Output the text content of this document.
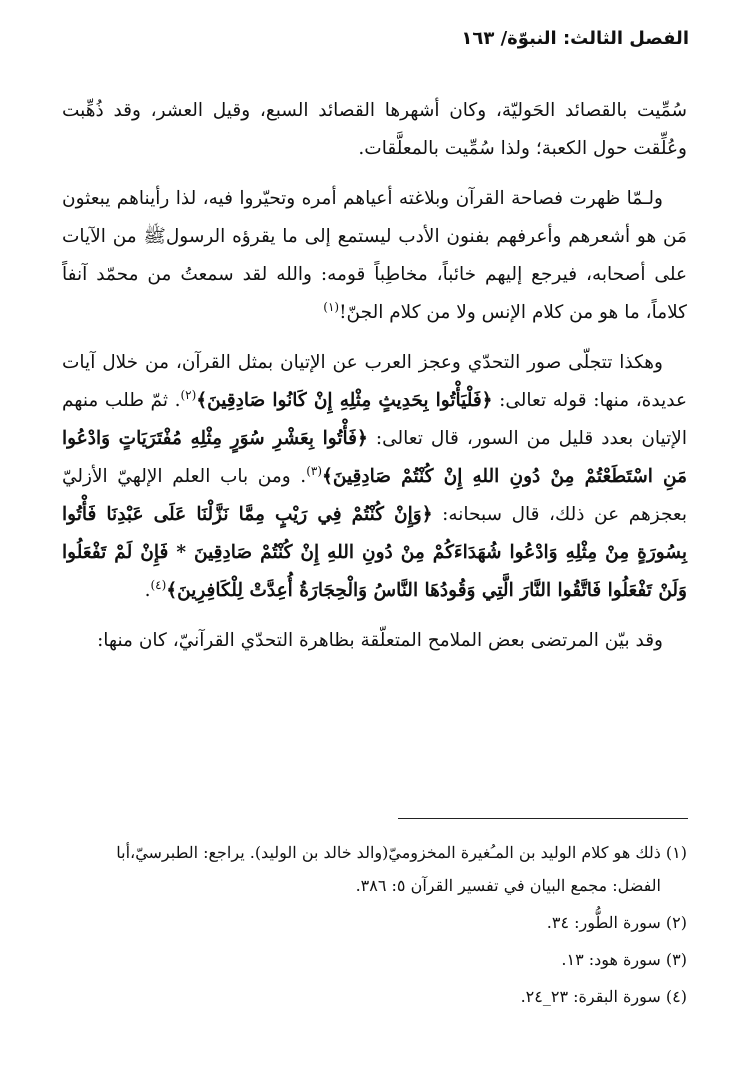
الفصل الثالث: النبوّة/ ١٦٣

سُمِّيت بالقصائد الحَوليّة، وكان أشهرها القصائد السبع، وقيل العشر، وقد ذُهِّبت وعُلِّقت حول الكعبة؛ ولذا سُمِّيت بالمعلَّقات.

ولـمّا ظهرت فصاحة القرآن وبلاغته أعياهم أمره وتحيّروا فيه، لذا رأيناهم يبعثون مَن هو أشعرهم وأعرفهم بفنون الأدب ليستمع إلى ما يقرؤه الرسول‏ﷺ من الآيات على أصحابه، فيرجع إليهم خائباً، مخاطِباً قومه: والله لقد سمعتُ من محمّد آنفاً كلاماً، ما هو من كلام الإنس ولا من كلام الجنّ!$^{(١)}$

وهكذا تتجلّى صور التحدّي وعجز العرب عن الإتيان بمثل القرآن، من خلال آيات عديدة، منها: قوله تعالى: ﴿فَلْيَأْتُوا بِحَدِيثٍ مِثْلِهِ إِنْ كَانُوا صَادِقِينَ﴾$^{(٢)}$. ثمّ طلب منهم الإتيان بعدد قليل من السور، قال تعالى: ﴿فَأْتُوا بِعَشْرِ سُوَرٍ مِثْلِهِ مُفْتَرَيَاتٍ وَادْعُوا مَنِ اسْتَطَعْتُمْ مِنْ دُونِ اللهِ إِنْ كُنْتُمْ صَادِقِينَ﴾$^{(٣)}$. ومن باب العلم الإلهيّ الأزليّ بعجزهم عن ذلك، قال سبحانه: ﴿وَإِنْ كُنْتُمْ فِي رَيْبٍ مِمَّا نَزَّلْنَا عَلَى عَبْدِنَا فَأْتُوا بِسُورَةٍ مِنْ مِثْلِهِ وَادْعُوا شُهَدَاءَكُمْ مِنْ دُونِ اللهِ إِنْ كُنْتُمْ صَادِقِينَ * فَإِنْ لَمْ تَفْعَلُوا وَلَنْ تَفْعَلُوا فَاتَّقُوا النَّارَ الَّتِي وَقُودُهَا النَّاسُ وَالْحِجَارَةُ أُعِدَّتْ لِلْكَافِرِينَ﴾$^{(٤)}$.

وقد بيّن المرتضى بعض الملامح المتعلّقة بظاهرة التحدّي القرآنيّ، كان منها:

(١) ذلك هو كلام الوليد بن المـُغيرة المخزوميّ(والد خالد بن الوليد). يراجع: الطبرسيّ،أبا
الفضل: مجمع البيان في تفسير القرآن ٥: ٣٨٦.
(٢) سورة الطُّور: ٣٤.
(٣) سورة هود: ١٣.
(٤) سورة البقرة: ٢٣_٢٤.
